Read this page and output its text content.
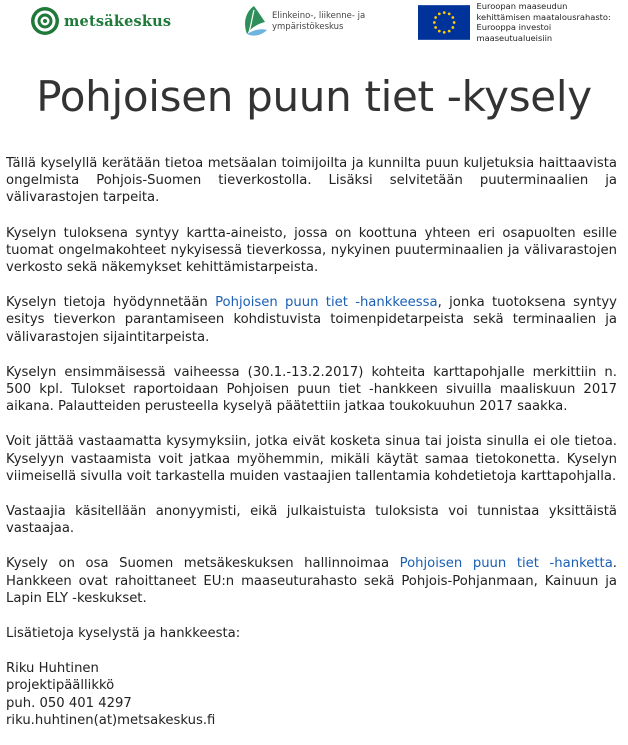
metsäkeskus	Elinkeino-, liikenne- ja
ympäristökeskus
Euroopan maaseudun
kehittämisen maatalousrahasto:
Eurooppa investoi maaseutualueisiin
Pohjoisen puun tiet -kysely

Tällä kyselyllä kerätään tietoa metsäalan toimijoilta ja kunnilta puun kuljetuksia haittaavista ongelmista Pohjois-Suomen tieverkostolla. Lisäksi selvitetään puuterminaalien ja välivarastojen tarpeita.

Kyselyn tuloksena syntyy kartta-aineisto, jossa on koottuna yhteen eri osapuolten esille tuomat ongelmakohteet nykyisessä tieverkossa, nykyinen puuterminaalien ja välivarastojen verkosto sekä näkemykset kehittämistarpeista.

Kyselyn tietoja hyödynnetään Pohjoisen puun tiet -hankkeessa, jonka tuotoksena syntyy esitys tieverkon parantamiseen kohdistuvista toimenpidetarpeista sekä terminaalien ja välivarastojen sijaintitarpeista.

Kyselyn ensimmäisessä vaiheessa (30.1.-13.2.2017) kohteita karttapohjalle merkittiin n. 500 kpl. Tulokset raportoidaan Pohjoisen puun tiet -hankkeen sivuilla maaliskuun 2017 aikana. Palautteiden perusteella kyselyä päätettiin jatkaa toukokuuhun 2017 saakka.

Voit jättää vastaamatta kysymyksiin, jotka eivät kosketa sinua tai joista sinulla ei ole tietoa. Kyselyyn vastaamista voit jatkaa myöhemmin, mikäli käytät samaa tietokonetta. Kyselyn viimeisellä sivulla voit tarkastella muiden vastaajien tallentamia kohdetietoja karttapohjalla.

Vastaajia käsitellään anonyymisti, eikä julkaistuista tuloksista voi tunnistaa yksittäistä vastaajaa.

Kysely on osa Suomen metsäkeskuksen hallinnoimaa Pohjoisen puun tiet -hanketta. Hankkeen ovat rahoittaneet EU:n maaseuturahasto sekä Pohjois-Pohjanmaan, Kainuun ja Lapin ELY -keskukset.

Lisätietoja kyselystä ja hankkeesta:

Riku Huhtinen

projektipäällikkö

puh. 050 401 4297

riku.huhtinen(at)metsakeskus.fi
